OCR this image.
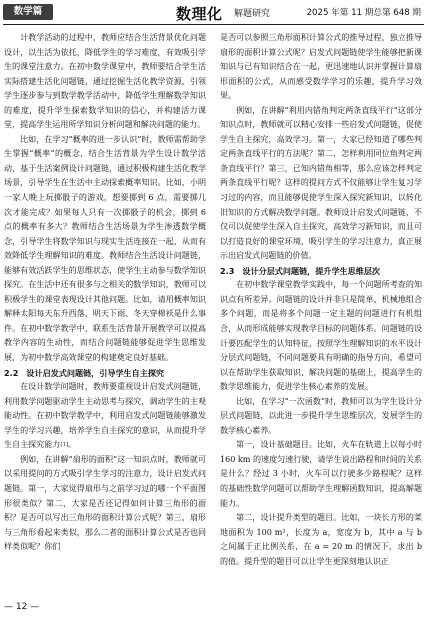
数学篇	数理化 解题研究	2025 年第 11 期总第 648 期

计教学活动的过程中，教师应结合生活背景优化问题设计，以生活为依托，降低学生的学习难度，有效吸引学生的课堂注意力。在初中数学课堂中，教师要结合学生活实际搭建生活化问题链，通过挖掘生活化教学资源，引领学生逐步参与到数学教学活动中，降低学生理解数学知识的难度，提升学生探索数学知识的信心，并构建活力课堂，提高学生运用所学知识分析问题和解决问题的能力。

比如，在学习“概率的进一步认识”时，教师需帮助学生掌握“概率”的概念，结合生活背景为学生设计数学活动，基于生活案例设计问题链，通过积极构建生活化教学场景，引导学生在生活中主动探索概率知识。比如，小明一家人晚上玩掷骰子的游戏，想要掷到 6 点，需要掷几次才能完成？如果每人只有一次掷骰子的机会，掷到 6 点的概率有多大？教师结合生活场景为学生渗透数学概念，引导学生将数学知识与现实生活连接在一起，从而有效降低学生理解知识的难度。教师结合生活设计问题链，能够有效活跃学生的思维状态，使学生主动参与数学知识探究。在生活中还有很多与之相关的数学知识，教师可以积极学生的课堂表现设计其他问题。比如，请用概率知识解释太阳每天东升西落，明天下雨、冬天穿棉袄是什么事件。在初中数学教学中，联系生活背景开展教学可以提高教学内容的生动性，而结合问题链能够促进学生思维发展，为初中数学高效课堂的构建奠定良好基础。

2.2　设计启发式问题链，引导学生自主探究

在设计数学问题时，教师要重视设计启发式问题链，利用数学问题驱动学生主动思考与探究，调动学生的主观能动性。在初中数学教学中，利用启发式问题链能够激发学生的学习兴趣，培养学生自主探究的意识，从而提升学生自主探究能力[1]。

例如，在讲解“扇形的面积”这一知识点时，教师就可以采用提问的方式吸引学生学习的注意力，设计启发式问题链。第一，大家觉得扇形与之前学习过的哪一个平面图形很类似？第二，大家是否还记得如何计算三角形的面积？是否可以写出三角形的面积计算公式呢？第三，扇形与三角形看起来类似，那么二者的面积计算公式是否也同样类似呢？你们

是否可以参照三角形面积计算公式的推导过程，独立推导扇形的面积计算公式呢？启发式问题链使学生能够把新课知识与已有知识结合在一起，更迅速地认识并掌握计算扇形面积的公式，从而感受数学学习的乐趣，提升学习效果。

例如，在讲解“利用内错角判定两条直线平行”这部分知识点时，教师就可以精心安排一些启发式问题链，促使学生自主探究，高效学习。第一，大家已经知道了哪些判定两条直线平行的方法呢？第二，怎样利用同位角判定两条直线平行？第三，已知内错角相等，那么应该怎样判定两条直线平行呢？这样的提问方式不仅能够让学生复习学习过的内容，而且能够促使学生深入探究新知识，以转化旧知识的方式解决数学问题。教师设计启发式问题链，不仅可以促使学生深入自主探究，高效学习新知识，而且可以打造良好的课堂环境，吸引学生的学习注意力，真正展示出启发式问题链的价值。

2.3　设计分层式问题链，提升学生思维层次

在初中数学课堂教学实践中，每一个问题所考查的知识点有所差异。问题链的设计并非只是简单、机械地组合多个问题，而是将多个问题一定主题的问题进行有机组合，从而形成能够实现教学目标的问题体系。问题链的设计要匹配学生的认知特征，按照学生理解知识的水平设计分层式问题链，不同问题要具有明确的指导方向，希望可以在帮助学生获取知识、解决问题的基础上，提高学生的数学思维能力，促进学生核心素养的发展。

比如，在学习“一次函数”时，教师可以为学生设计分层式问题链，以此进一步提升学生思维层次，发展学生的数学核心素养。

第一，设计基础题目。比如，火车在轨道上以每小时 160 km 的速度匀速行驶，请学生说出路程和时间的关系是什么？经过 3 小时，火车可以行驶多少路程呢？这样的基础性数学问题可以帮助学生理解函数知识，提高解题能力。

第二，设计提升类型的题目。比如，一块长方形的菜地面积为 100 m²，长度为 a，宽度为 b，其中 a 与 b 之间属于正比例关系，在 a = 20 m 的情况下，求出 b 的值。提升型的题目可以让学生更深刻地认识正

— 12 —
